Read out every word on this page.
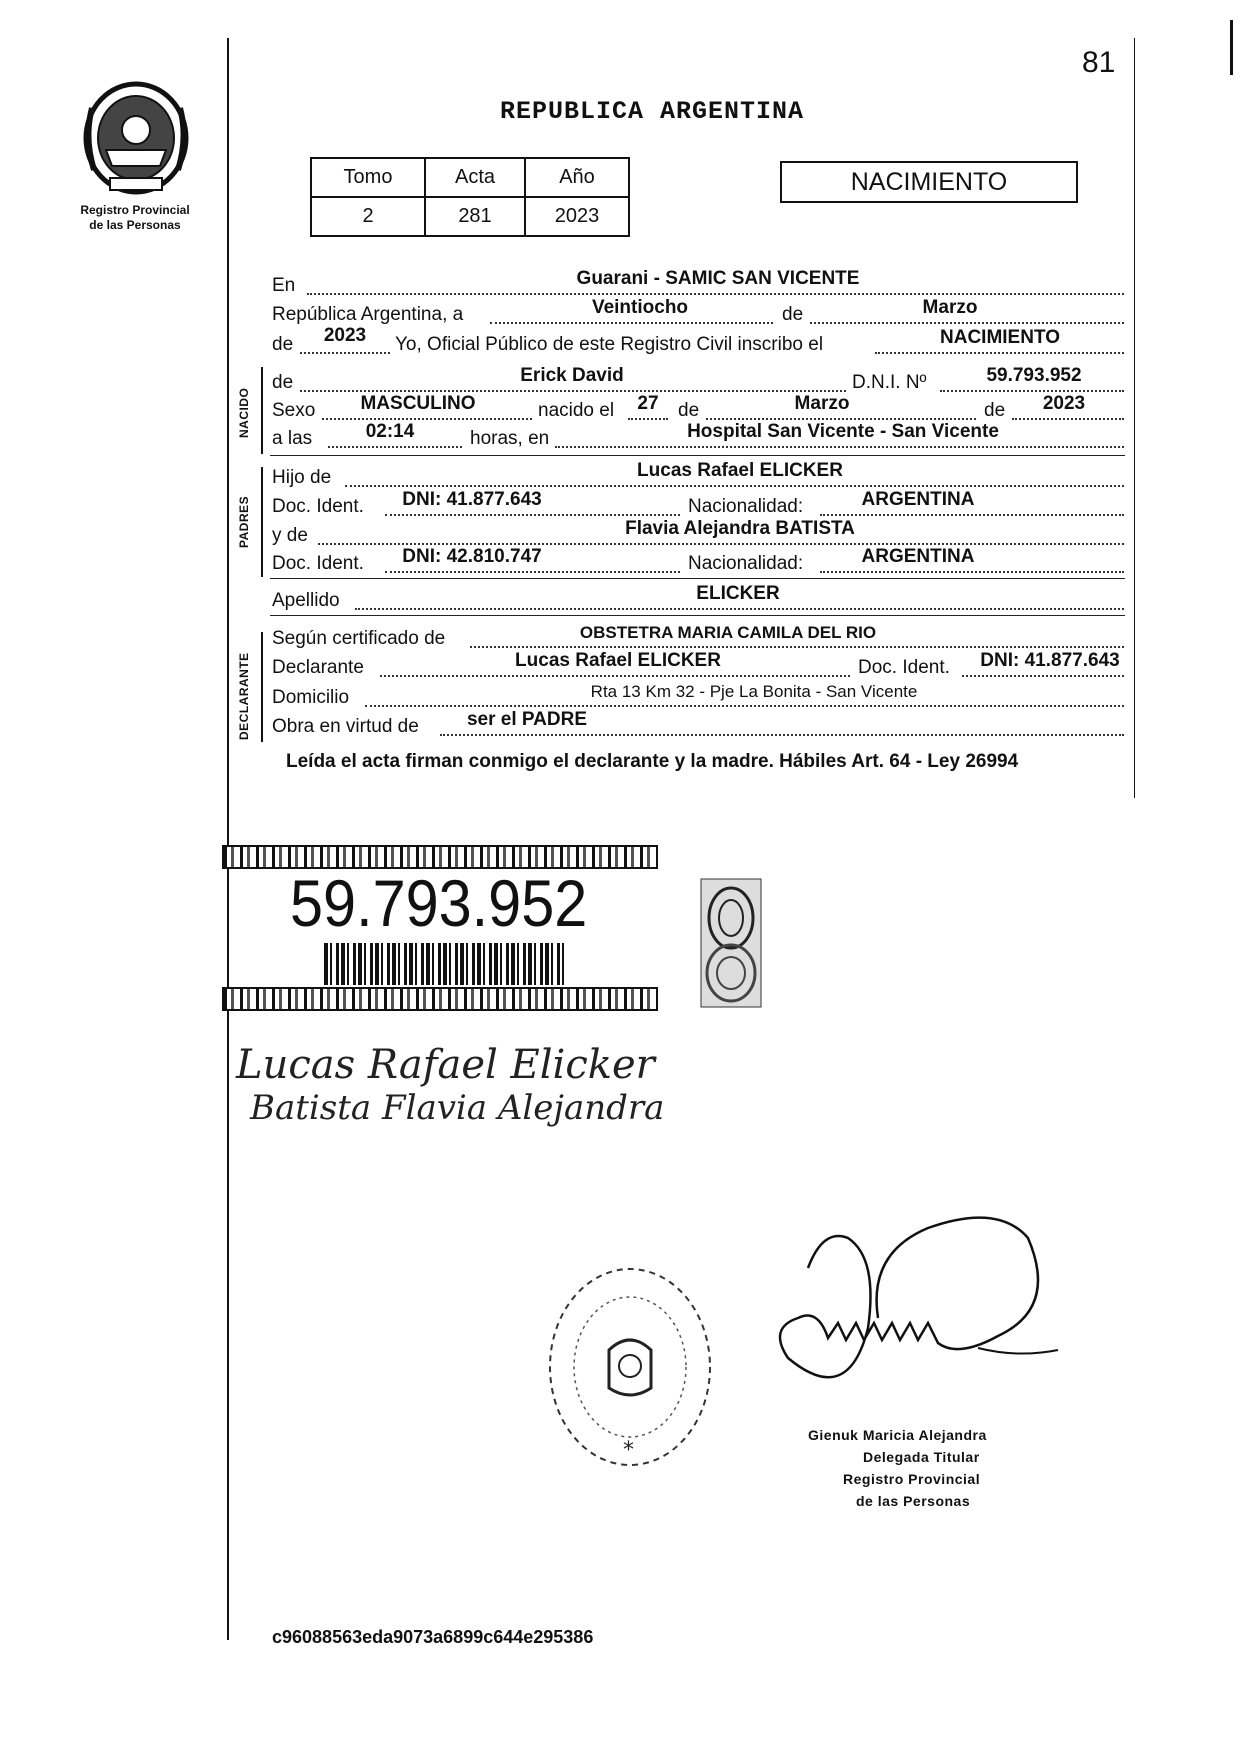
81
Registro Provincial
de las Personas
REPUBLICA ARGENTINA
Tomo	Acta	Año
2	281	2023
NACIMIENTO
NACIDO
PADRES
DECLARANTE
En	Guarani - SAMIC SAN VICENTE
República Argentina, a	Veintiocho	de	Marzo
de 2023 Yo, Oficial Público de este Registro Civil inscribo el	NACIMIENTO
de	Erick David	D.N.I. Nº	59.793.952
Sexo MASCULINO	nacido el 27 de	Marzo	de 2023
a las	02:14	horas, en	Hospital San Vicente - San Vicente
Hijo de	Lucas Rafael ELICKER
Doc. Ident. DNI: 41.877.643	Nacionalidad:	ARGENTINA
y de	Flavia Alejandra BATISTA
Doc. Ident. DNI: 42.810.747	Nacionalidad:	ARGENTINA
Apellido	ELICKER
Según certificado de	OBSTETRA MARIA CAMILA DEL RIO
Declarante	Lucas Rafael ELICKER	Doc. Ident. DNI: 41.877.643
Domicilio	Rta 13 Km 32 - Pje La Bonita - San Vicente
Obra en virtud de	ser el PADRE
Leída el acta firman conmigo el declarante y la madre. Hábiles Art. 64 - Ley 26994
59.793.952
Lucas Rafael Elicker
Batista Flavia Alejandra
*
Gienuk Maricia Alejandra
Delegada Titular
Registro Provincial
de las Personas
c96088563eda9073a6899c644e295386
